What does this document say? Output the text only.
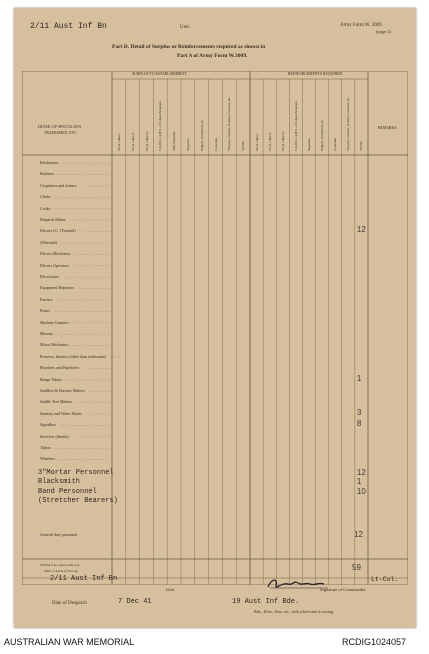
2/11 Aust Inf Bn	Unit.	Army Form W. 3009
(page 2)
Part D. Detail of Surplus or Reinforcements required as shown in
Part A of Army Form W.3009.
SURPLUS TO ESTABLISHMENT.	REINFORCEMENTS REQUIRED.
DETAIL OF SPECIALISTS
TRADESMEN, ETC.
REMARKS.
W.Os. Class I.	W.Os. Class II.	W.Os. Class III.	S.Q.M.S., Q.M.S., of Colour-Sergeants	Staff-Sergeants.	Sergeants.	Buglers, Trumpeters, &c.	Corporals.	Troopers, Privates, Gunners, Pioneers, &c.	TOTAL.	W.Os. Class I.	W.Os. Class II.	W.Os. Class III.	S.Q.M.S., Q.M.S., of Colour-Sergeants	Sergeants.	Buglers, Trumpeters, &c.	Corporals.	Troopers, Privates, Gunners, Pioneers, &c.	TOTAL.
Bricklayers
Butchers
Carpenters and Joiners
Clerks
Cooks
Dispatch Riders
Drivers I.C. (Tracked)	12
(Wheeled)
Drivers Mechanics
Drivers Operators
Electricians
Equipment Repairers
Farriers
Fitters
Machine Gunners
Masons
Motor Mechanics
Pioneers, Infantry (other than tradesmen)
Plumbers and Pipefitters
Range Takers	1
Saddlers & Harness Makers
Saddle Tree Makers
Sanitary and Water Duties	3
Signallers	8
Stretcher (details)
Tailors
Wheelers
3"Mortar Personnel	12
Blacksmith	1
Band Personnel	10
(Stretcher Bearers)
General duty personnel	12
TOTALS (to agree with Col-
umns 2 and 6 of Part A)	59
2/11 Aust Inf Bn
Unit.
Lt-Col.
Signature of Commander.
Date of Despatch	7 Dec 41	19 Aust Inf Bde.
Bde., Divn., Area, etc., with which unit is serving.
AUSTRALIAN WAR MEMORIAL	RCDIG1024057
